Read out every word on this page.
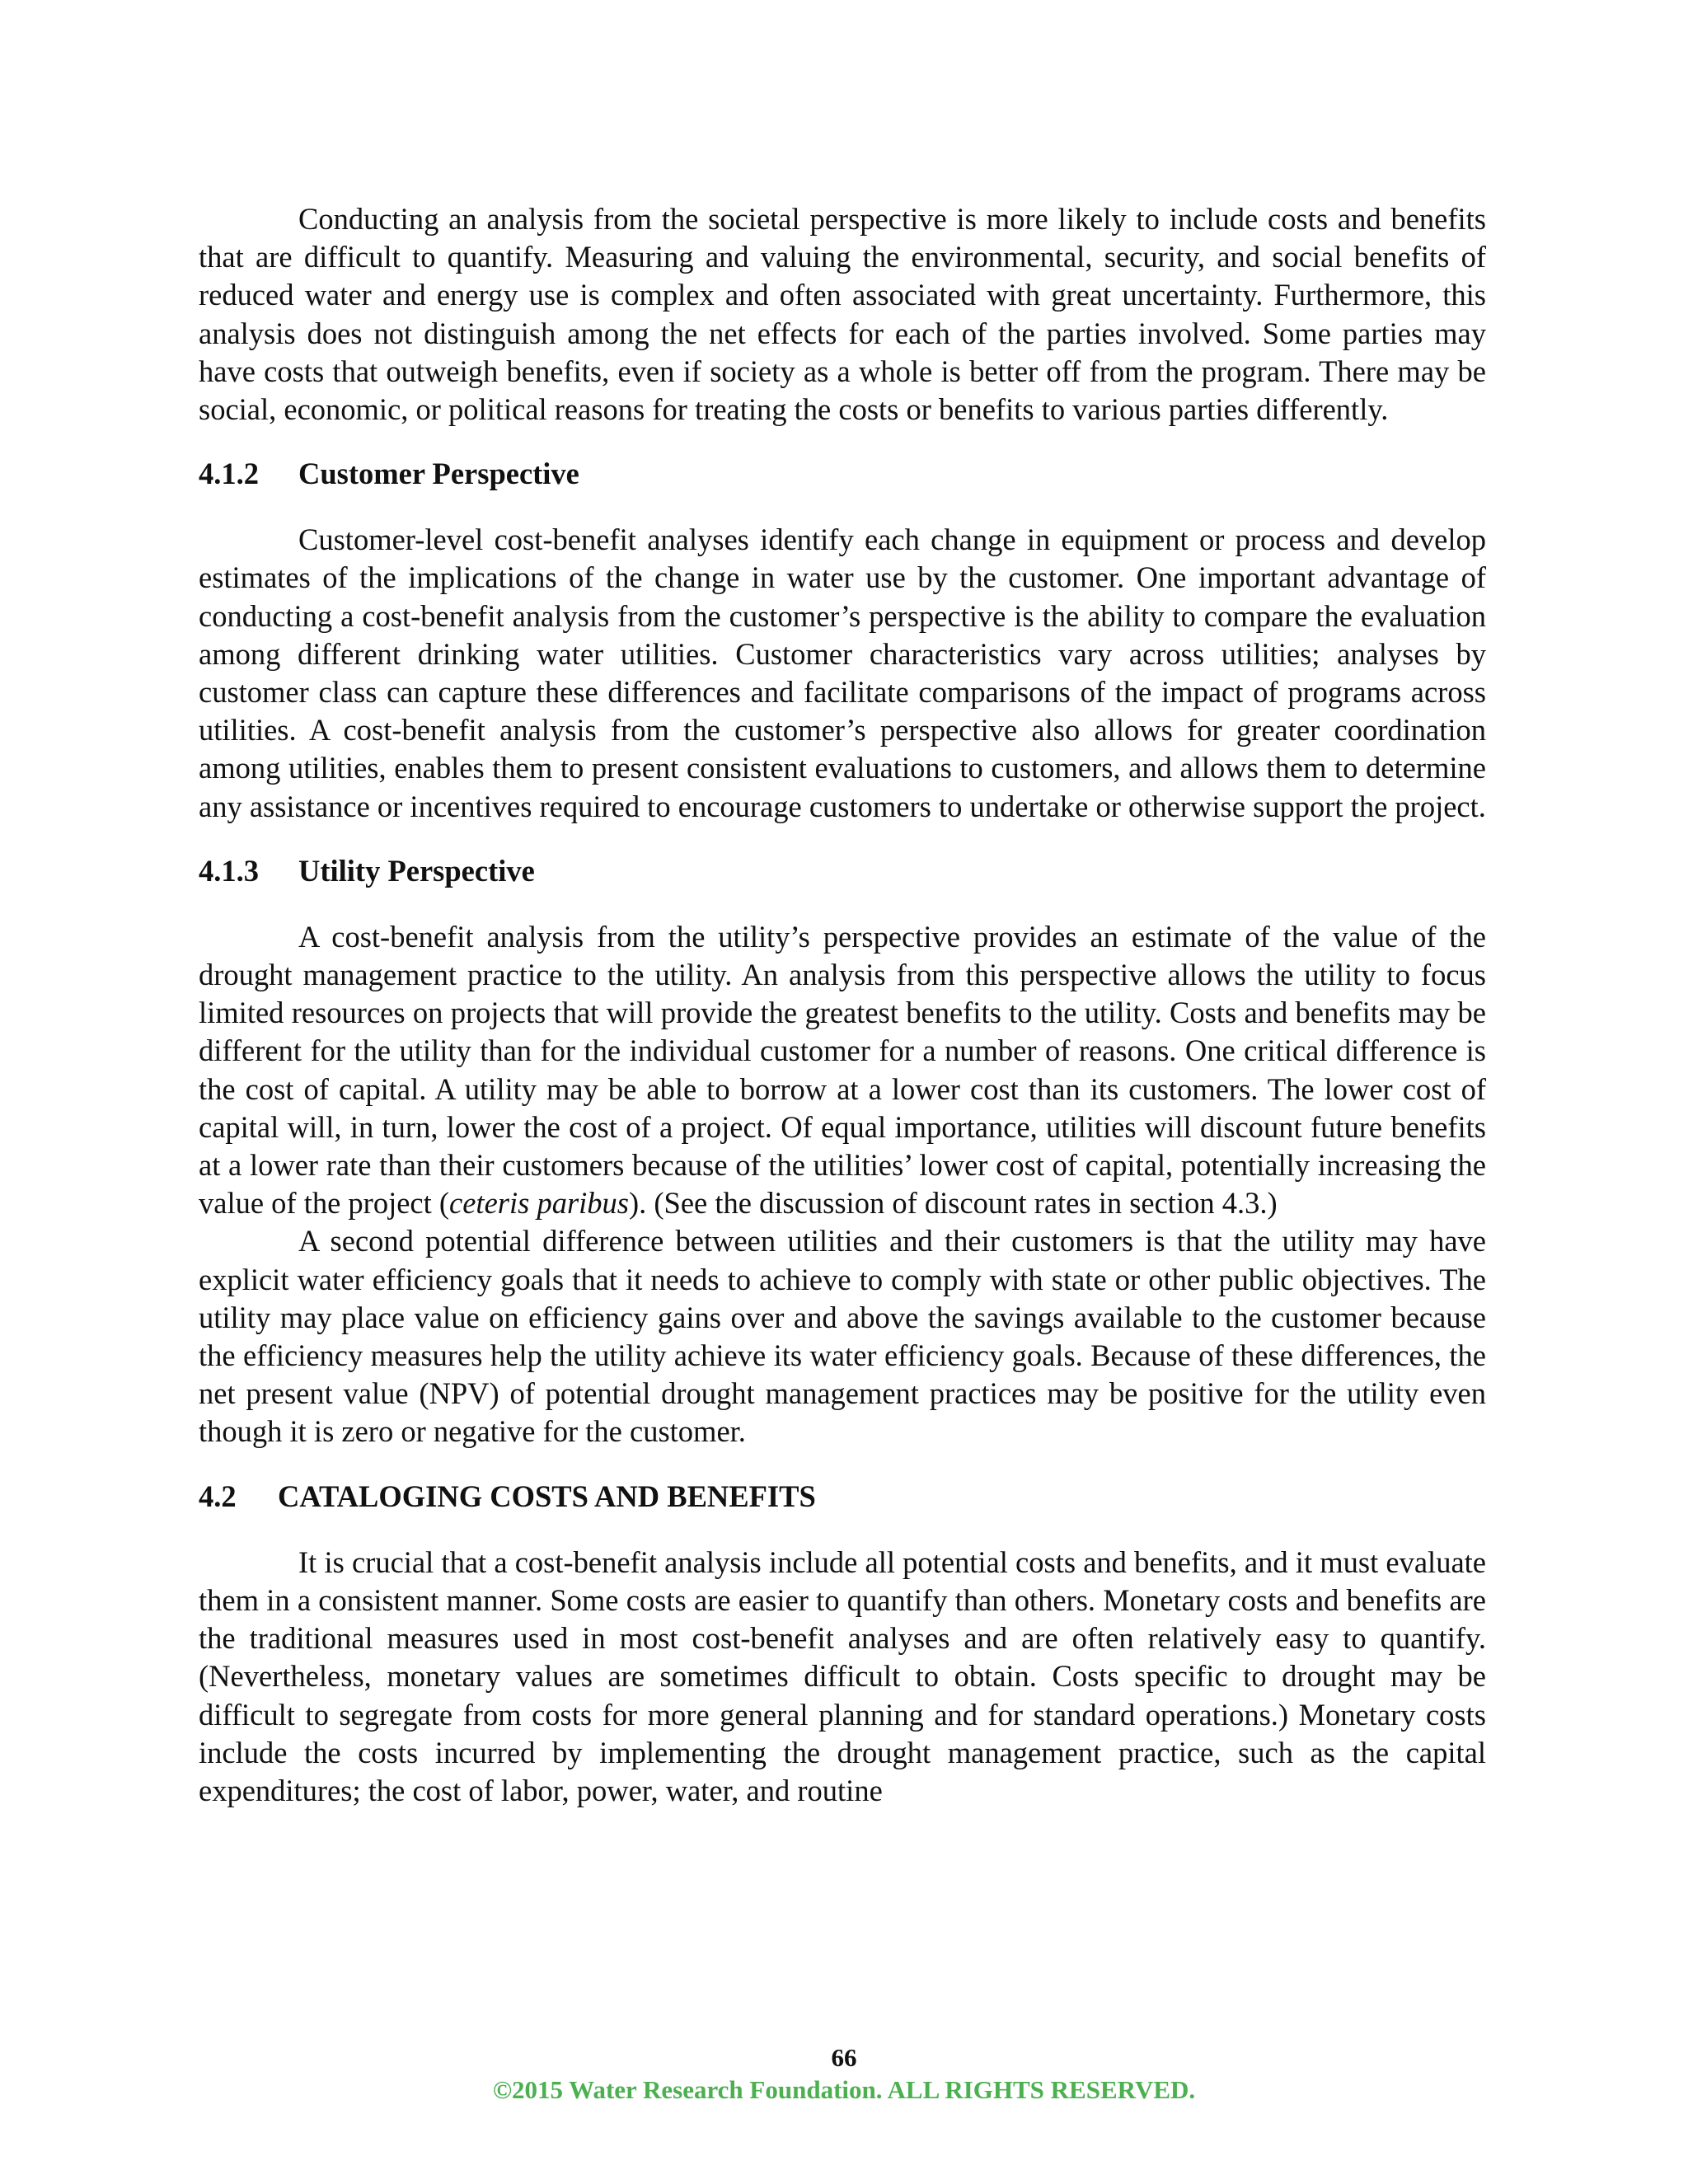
Conducting an analysis from the societal perspective is more likely to include costs and benefits that are difficult to quantify. Measuring and valuing the environmental, security, and social benefits of reduced water and energy use is complex and often associated with great uncertainty. Furthermore, this analysis does not distinguish among the net effects for each of the parties involved. Some parties may have costs that outweigh benefits, even if society as a whole is better off from the program. There may be social, economic, or political reasons for treating the costs or benefits to various parties differently.

4.1.2	Customer Perspective

Customer-level cost-benefit analyses identify each change in equipment or process and develop estimates of the implications of the change in water use by the customer. One important advantage of conducting a cost-benefit analysis from the customer’s perspective is the ability to compare the evaluation among different drinking water utilities. Customer characteristics vary across utilities; analyses by customer class can capture these differences and facilitate comparisons of the impact of programs across utilities. A cost-benefit analysis from the customer’s perspective also allows for greater coordination among utilities, enables them to present consistent evaluations to customers, and allows them to determine any assistance or incentives required to encourage customers to undertake or otherwise support the project.

4.1.3	Utility Perspective

A cost-benefit analysis from the utility’s perspective provides an estimate of the value of the drought management practice to the utility. An analysis from this perspective allows the utility to focus limited resources on projects that will provide the greatest benefits to the utility. Costs and benefits may be different for the utility than for the individual customer for a number of reasons. One critical difference is the cost of capital. A utility may be able to borrow at a lower cost than its customers. The lower cost of capital will, in turn, lower the cost of a project. Of equal importance, utilities will discount future benefits at a lower rate than their customers because of the utilities’ lower cost of capital, potentially increasing the value of the project (ceteris paribus). (See the discussion of discount rates in section 4.3.)

A second potential difference between utilities and their customers is that the utility may have explicit water efficiency goals that it needs to achieve to comply with state or other public objectives. The utility may place value on efficiency gains over and above the savings available to the customer because the efficiency measures help the utility achieve its water efficiency goals. Because of these differences, the net present value (NPV) of potential drought management practices may be positive for the utility even though it is zero or negative for the customer.

4.2	CATALOGING COSTS AND BENEFITS

It is crucial that a cost-benefit analysis include all potential costs and benefits, and it must evaluate them in a consistent manner. Some costs are easier to quantify than others. Monetary costs and benefits are the traditional measures used in most cost-benefit analyses and are often relatively easy to quantify. (Nevertheless, monetary values are sometimes difficult to obtain. Costs specific to drought may be difficult to segregate from costs for more general planning and for standard operations.) Monetary costs include the costs incurred by implementing the drought management practice, such as the capital expenditures; the cost of labor, power, water, and routine

66
©2015 Water Research Foundation. ALL RIGHTS RESERVED.
